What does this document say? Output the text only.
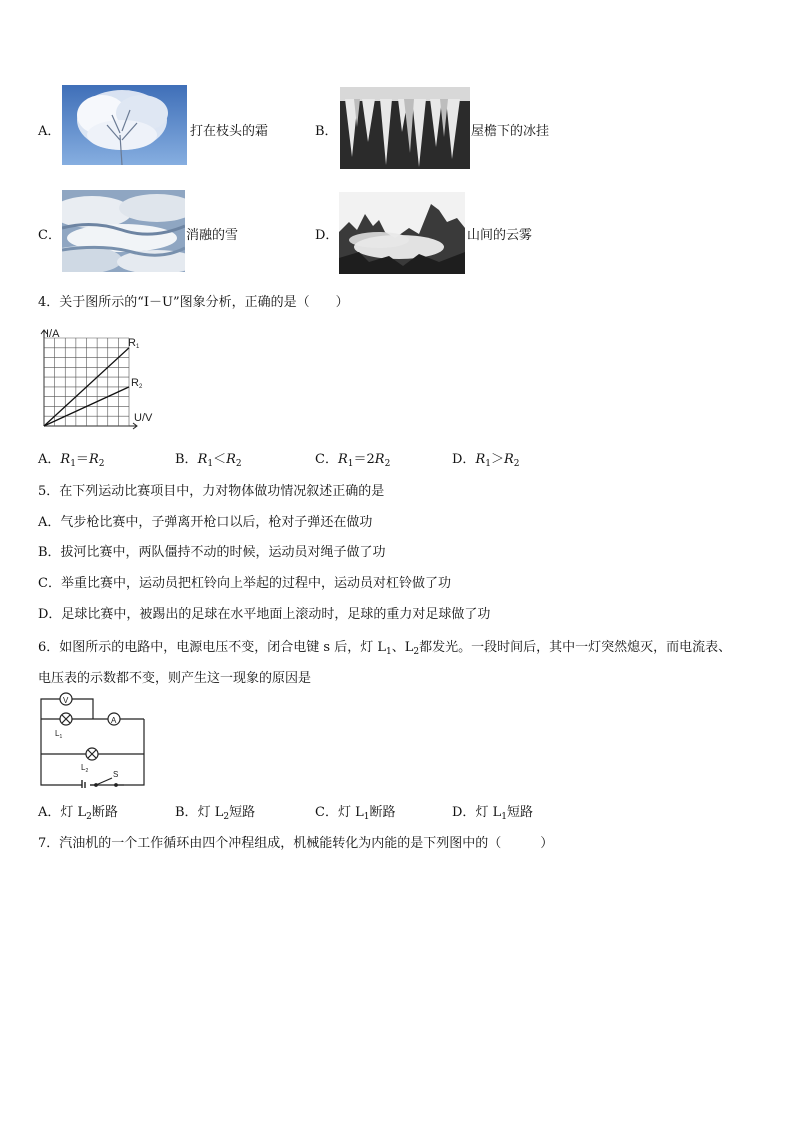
A．	打在枝头的霜	B．	屋檐下的冰挂
C．	消融的雪	D．	山间的云雾
4．关于图所示的“I－U”图象分析，正确的是（　　）
I/A
U/V
R1
R2
A．$R_1=R_2$	B．$R_1<R_2$	C．$R_1=2R_2$	D．$R_1>R_2$
5．在下列运动比赛项目中，力对物体做功情况叙述正确的是
A．气步枪比赛中，子弹离开枪口以后，枪对子弹还在做功
B．拔河比赛中，两队僵持不动的时候，运动员对绳子做了功
C．举重比赛中，运动员把杠铃向上举起的过程中，运动员对杠铃做了功
D．足球比赛中，被踢出的足球在水平地面上滚动时，足球的重力对足球做了功
6．如图所示的电路中，电源电压不变，闭合电键 s 后，灯 $L_1$、$L_2$都发光。一段时间后，其中一灯突然熄灭，而电流表、
电压表的示数都不变，则产生这一现象的原因是
V
A
$L_1$
$L_2$	S
A．灯 $L_2$断路	B．灯 $L_2$短路	C．灯 $L_1$断路	D．灯 $L_1$短路
7．汽油机的一个工作循环由四个冲程组成，机械能转化为内能的是下列图中的（　　　）
